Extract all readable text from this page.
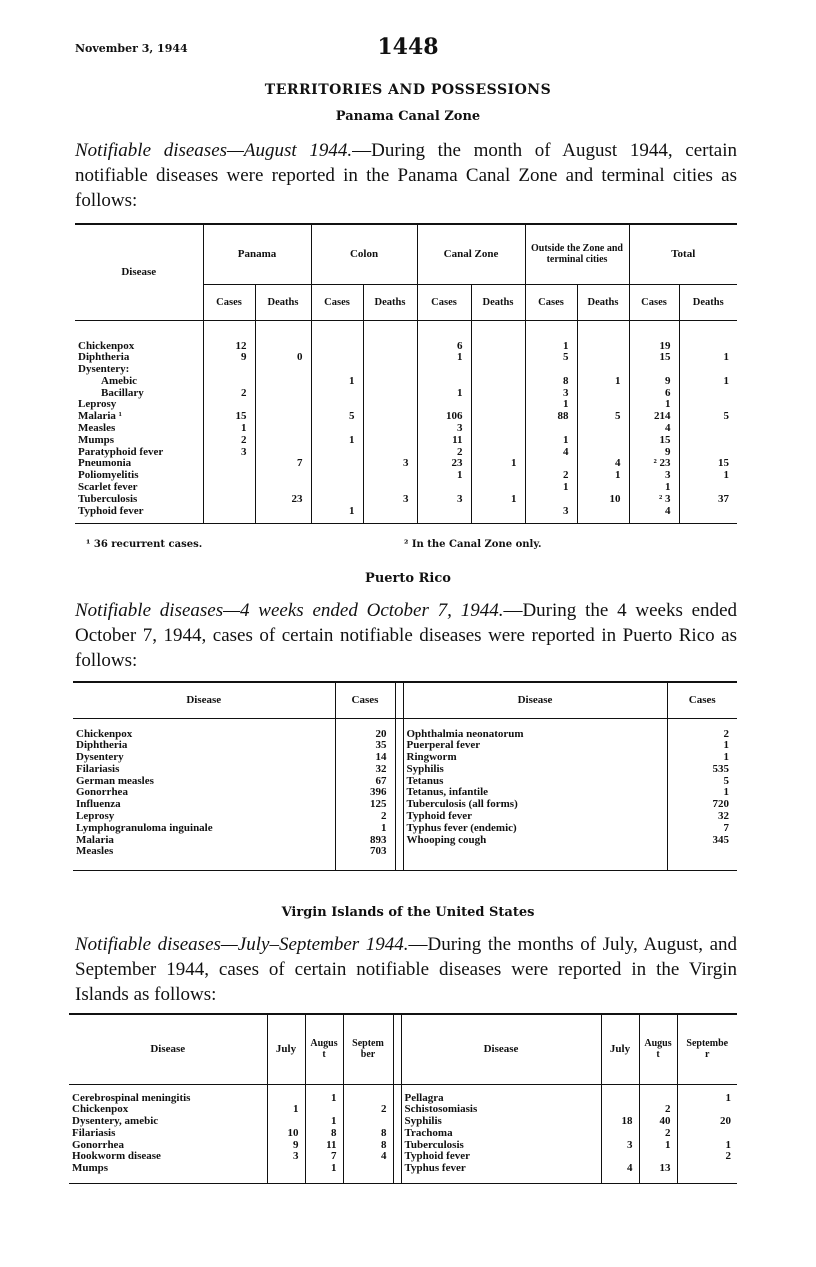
November 3, 1944	1448
TERRITORIES AND POSSESSIONS
Panama Canal Zone
Notifiable diseases—August 1944.—During the month of August 1944, certain notifiable diseases were reported in the Panama Canal Zone and terminal cities as follows:
Disease	Panama		Colon		Canal Zone		Outside the Zone and terminal cities		Total	
	Cases	Deaths	Cases	Deaths	Cases	Deaths	Cases	Deaths	Cases	Deaths

Chickenpox	12				6		1		19	
Diphtheria	9	0			1		5		15	1
Dysentery:										
Amebic			1				8	1	9	1
Bacillary	2				1		3		6	
Leprosy							1		1	
Malaria ¹	15		5		106		88	5	214	5
Measles	1				3				4	
Mumps	2		1		11		1		15	
Paratyphoid fever	3				2		4		9	
Pneumonia		7		3	23	1		4	² 23	15
Poliomyelitis					1		2	1	3	1
Scarlet fever							1		1	
Tuberculosis		23		3	3	1		10	² 3	37
Typhoid fever			1				3		4	

¹ 36 recurrent cases.	² In the Canal Zone only.
Puerto Rico
Notifiable diseases—4 weeks ended October 7, 1944.—During the 4 weeks ended October 7, 1944, cases of certain notifiable diseases were reported in Puerto Rico as follows:
Disease	Cases		Disease	Cases

Chickenpox	20		Ophthalmia neonatorum	2
Diphtheria	35		Puerperal fever	1
Dysentery	14		Ringworm	1
Filariasis	32		Syphilis	535
German measles	67		Tetanus	5
Gonorrhea	396		Tetanus, infantile	1
Influenza	125		Tuberculosis (all forms)	720
Leprosy	2		Typhoid fever	32
Lymphogranuloma inguinale	1		Typhus fever (endemic)	7
Malaria	893		Whooping cough	345
Measles	703			

Virgin Islands of the United States
Notifiable diseases—July–September 1944.—During the months of July, August, and September 1944, cases of certain notifiable diseases were reported in the Virgin Islands as follows:
Disease	July	August	September		Disease	July	August	September

Cerebrospinal meningitis		1			Pellagra			1
Chickenpox	1		2		Schistosomiasis		2	
Dysentery, amebic		1			Syphilis	18	40	20
Filariasis	10	8	8		Trachoma		2	
Gonorrhea	9	11	8		Tuberculosis	3	1	1
Hookworm disease	3	7	4		Typhoid fever			2
Mumps		1			Typhus fever	4	13	
